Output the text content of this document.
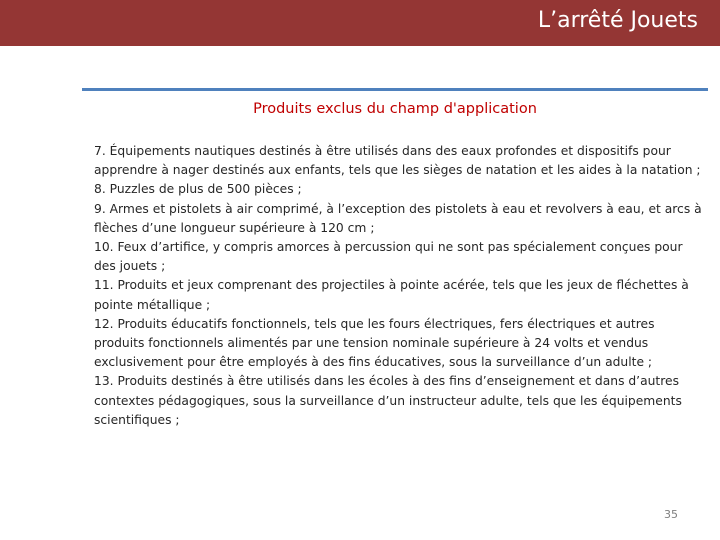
L’arrêté Jouets
Produits exclus du champ d'application

7. Équipements nautiques destinés à être utilisés dans des eaux profondes et dispositifs pour apprendre à nager destinés aux enfants, tels que les sièges de natation et les aides à la natation ;

8. Puzzles de plus de 500 pièces ;

9. Armes et pistolets à air comprimé, à l’exception des pistolets à eau et revolvers à eau, et arcs à flèches d’une longueur supérieure à 120 cm ;

10. Feux d’artifice, y compris amorces à percussion qui ne sont pas spécialement conçues pour des jouets ;

11. Produits et jeux comprenant des projectiles à pointe acérée, tels que les jeux de fléchettes à pointe métallique ;

12. Produits éducatifs fonctionnels, tels que les fours électriques, fers électriques et autres produits fonctionnels alimentés par une tension nominale supérieure à 24 volts et vendus exclusivement pour être employés à des fins éducatives, sous la surveillance d’un adulte ;

13. Produits destinés à être utilisés dans les écoles à des fins d’enseignement et dans d’autres contextes pédagogiques, sous la surveillance d’un instructeur adulte, tels que les équipements scientifiques ;

35
